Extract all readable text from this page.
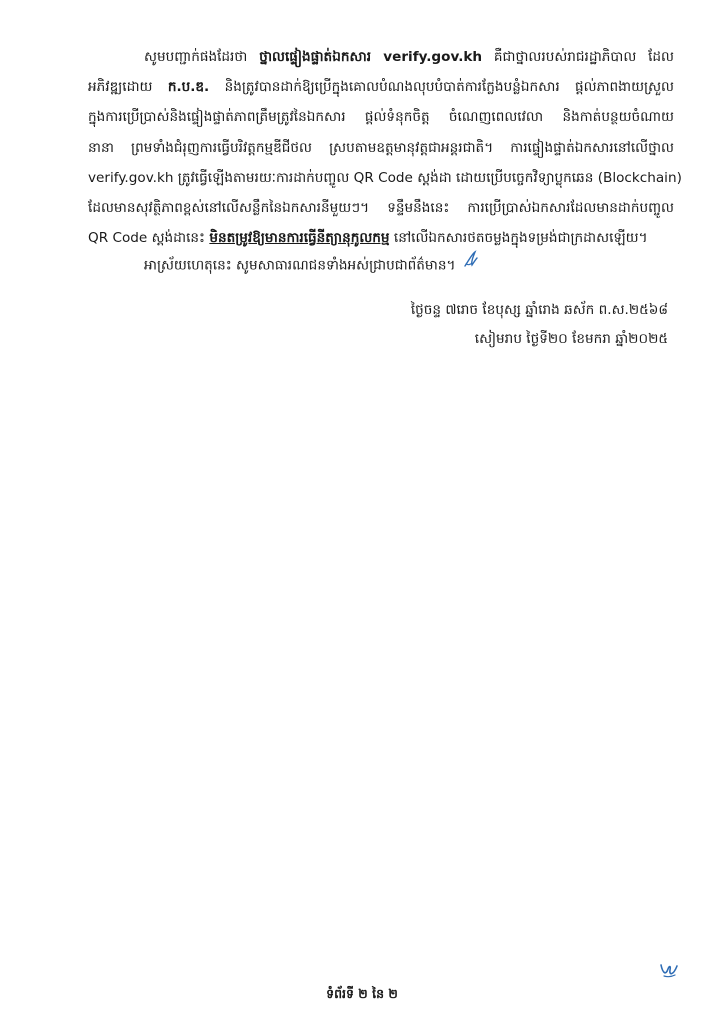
សូមបញ្ជាក់ផងដែរថា ថ្នាលផ្ទៀងផ្ទាត់ឯកសារ verify.gov.kh គឺជាថ្នាលរបស់រាជរដ្ឋាភិបាល ដែល

អភិវឌ្ឍដោយ ក.ប.ឌ. និងត្រូវបានដាក់ឱ្យប្រើក្នុងគោលបំណងលុបបំបាត់ការក្លែងបន្លំឯកសារ ផ្តល់ភាពងាយស្រួល

ក្នុងការប្រើប្រាស់និងផ្ទៀងផ្ទាត់ភាពត្រឹមត្រូវនៃឯកសារ ផ្តល់ទំនុកចិត្ត ចំណេញពេលវេលា និងកាត់បន្ថយចំណាយ

នានា ព្រមទាំងជំរុញការធ្វើបរិវត្តកម្មឌីជីថល ស្របតាមឧត្តមានុវត្តជាអន្តរជាតិ។ ការផ្ទៀងផ្ទាត់ឯកសារនៅលើថ្នាល

verify.gov.kh ត្រូវធ្វើឡើងតាមរយៈការដាក់បញ្ចូល QR Code ស្តង់ដា ដោយប្រើបច្ចេកវិទ្យាប្លុកឆេន (Blockchain)

ដែលមានសុវត្ថិភាពខ្ពស់នៅលើសន្លឹកនៃឯកសារនីមួយៗ។ ទន្ទឹមនឹងនេះ ការប្រើប្រាស់ឯកសារដែលមានដាក់បញ្ចូល

QR Code ស្តង់ដានេះ មិនតម្រូវឱ្យមានការធ្វើនីត្យានុកូលកម្ម នៅលើឯកសារថតចម្លងក្នុងទម្រង់ជាក្រដាសឡើយ។

អាស្រ័យហេតុនេះ សូមសាធារណជនទាំងអស់ជ្រាបជាព័ត៌មាន។
ថ្ងៃចន្ទ ៧រោច ខែបុស្ស ឆ្នាំរោង ឆស័ក ព.ស.២៥៦៨
សៀមរាប ថ្ងៃទី២០ ខែមករា ឆ្នាំ២០២៥
ទំព័រទី ២ នៃ ២
